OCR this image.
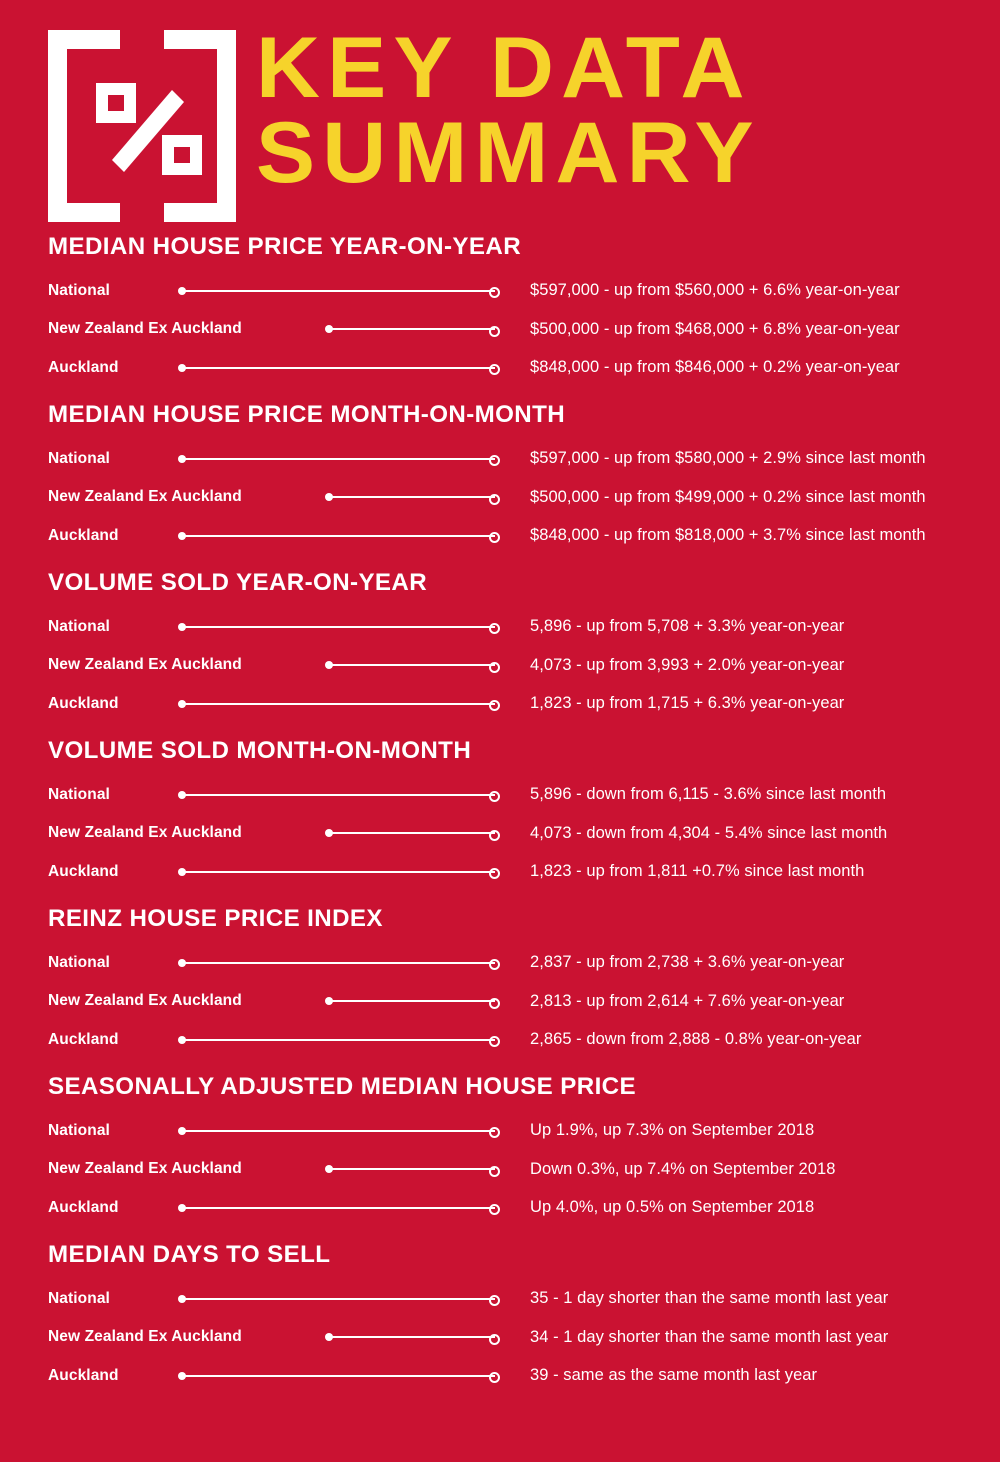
KEY DATA
SUMMARY
MEDIAN HOUSE PRICE YEAR-ON-YEAR
National	$597,000 - up from $560,000 + 6.6% year-on-year
New Zealand Ex Auckland	$500,000 - up from $468,000 + 6.8% year-on-year
Auckland	$848,000 - up from $846,000 + 0.2% year-on-year
MEDIAN HOUSE PRICE MONTH-ON-MONTH
National	$597,000 - up from $580,000 + 2.9% since last month
New Zealand Ex Auckland	$500,000 - up from $499,000 + 0.2% since last month
Auckland	$848,000 - up from $818,000 + 3.7% since last month
VOLUME SOLD YEAR-ON-YEAR
National	5,896 - up from 5,708 + 3.3% year-on-year
New Zealand Ex Auckland	4,073 - up from 3,993 + 2.0% year-on-year
Auckland	1,823 - up from 1,715 + 6.3% year-on-year
VOLUME SOLD MONTH-ON-MONTH
National	5,896 - down from 6,115 - 3.6% since last month
New Zealand Ex Auckland	4,073 - down from 4,304 - 5.4% since last month
Auckland	1,823 - up from 1,811 +0.7% since last month
REINZ HOUSE PRICE INDEX
National	2,837 - up from 2,738 + 3.6% year-on-year
New Zealand Ex Auckland	2,813 - up from 2,614 + 7.6% year-on-year
Auckland	2,865 - down from 2,888 - 0.8% year-on-year
SEASONALLY ADJUSTED MEDIAN HOUSE PRICE
National	Up 1.9%, up 7.3% on September 2018
New Zealand Ex Auckland	Down 0.3%, up 7.4% on September 2018
Auckland	Up 4.0%, up 0.5% on September 2018
MEDIAN DAYS TO SELL
National	35 - 1 day shorter than the same month last year
New Zealand Ex Auckland	34 - 1 day shorter than the same month last year
Auckland	39 - same as the same month last year
